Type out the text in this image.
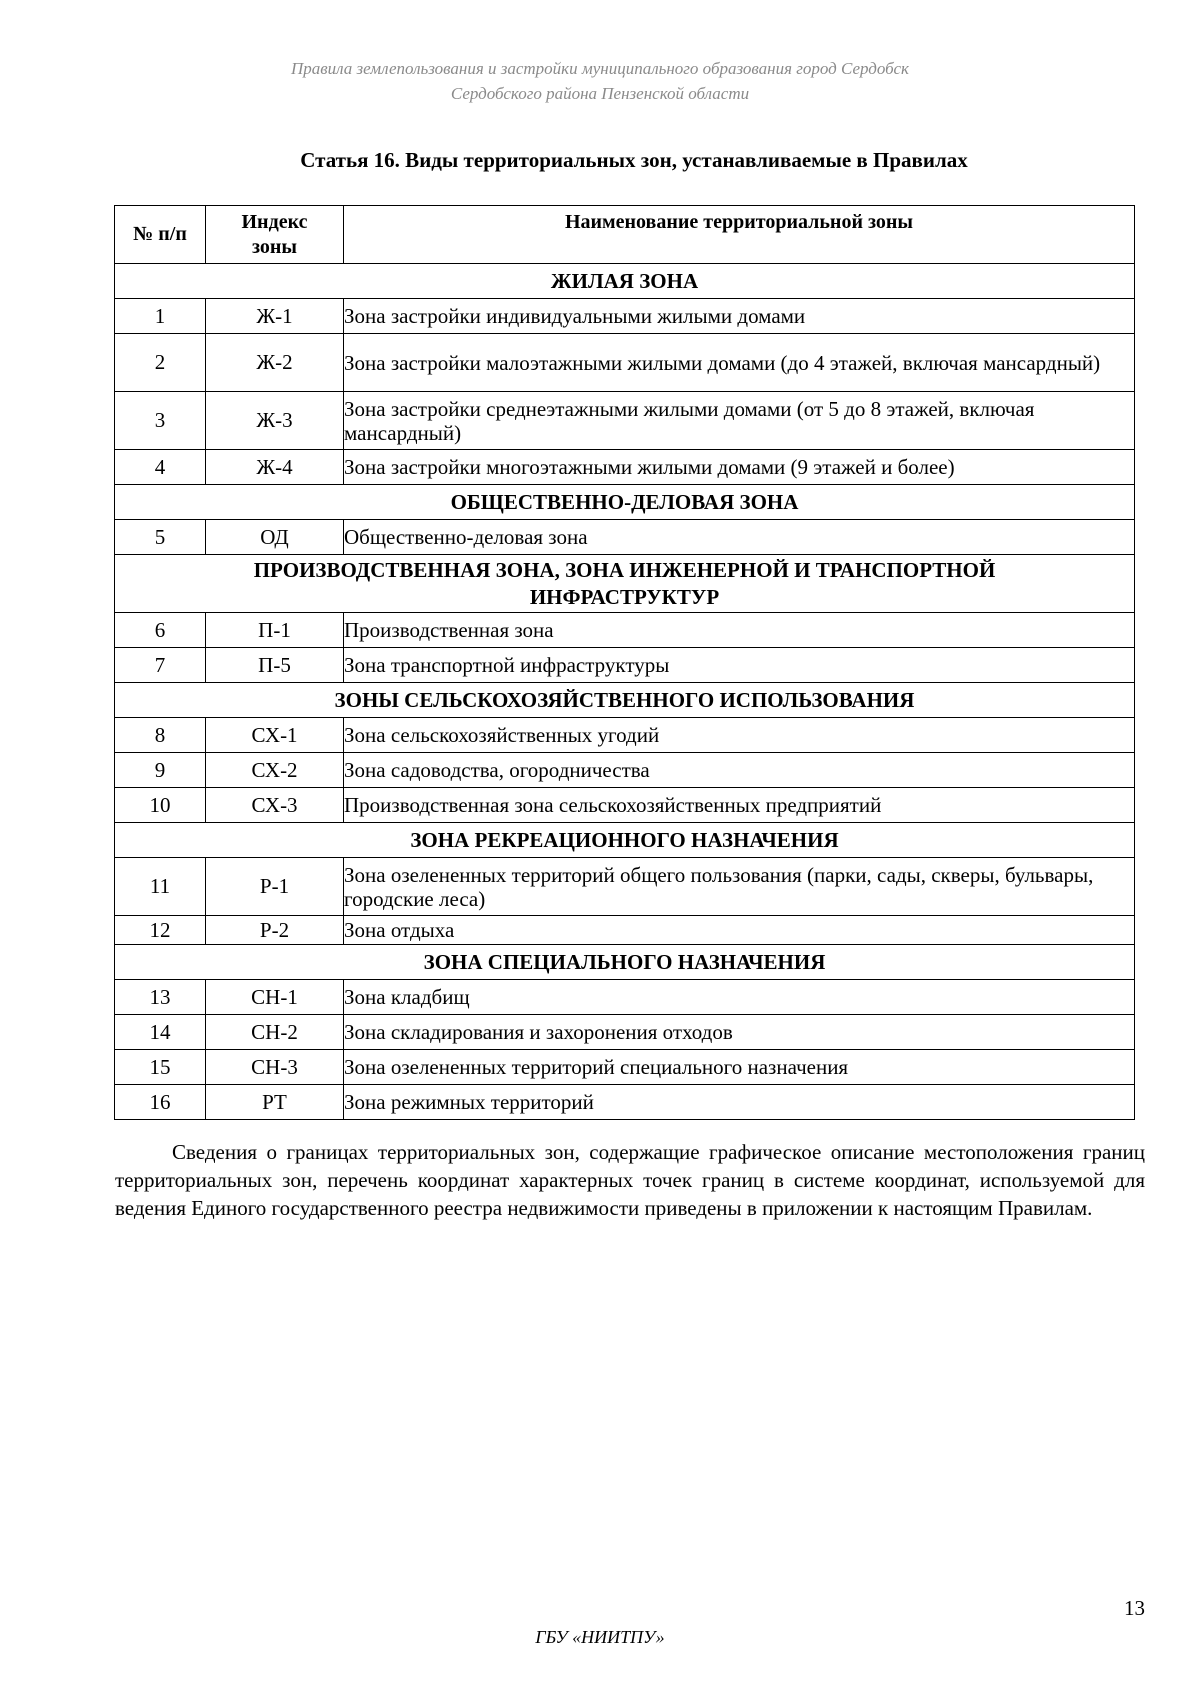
Правила землепользования и застройки муниципального образования город Сердобск
Сердобского района Пензенской области
Статья 16. Виды территориальных зон, устанавливаемые в Правилах
№ п/п	Индекс зоны	Наименование территориальной зоны
ЖИЛАЯ ЗОНА		
1	Ж-1	Зона застройки индивидуальными жилыми домами
2	Ж-2	Зона застройки малоэтажными жилыми домами (до 4 этажей, включая мансардный)
3	Ж-3	Зона застройки среднеэтажными жилыми домами (от 5 до 8 этажей, включая мансардный)
4	Ж-4	Зона застройки многоэтажными жилыми домами (9 этажей и более)
ОБЩЕСТВЕННО-ДЕЛОВАЯ ЗОНА		
5	ОД	Общественно-деловая зона
ПРОИЗВОДСТВЕННАЯ ЗОНА, ЗОНА ИНЖЕНЕРНОЙ И ТРАНСПОРТНОЙ ИНФРАСТРУКТУР		
6	П-1	Производственная зона
7	П-5	Зона транспортной инфраструктуры
ЗОНЫ СЕЛЬСКОХОЗЯЙСТВЕННОГО ИСПОЛЬЗОВАНИЯ		
8	СХ-1	Зона сельскохозяйственных угодий
9	СХ-2	Зона садоводства, огородничества
10	СХ-3	Производственная зона сельскохозяйственных предприятий
ЗОНА РЕКРЕАЦИОННОГО НАЗНАЧЕНИЯ		
11	Р-1	Зона озелененных территорий общего пользования (парки, сады, скверы, бульвары, городские леса)
12	Р-2	Зона отдыха
ЗОНА СПЕЦИАЛЬНОГО НАЗНАЧЕНИЯ		
13	СН-1	Зона кладбищ
14	СН-2	Зона складирования и захоронения отходов
15	СН-3	Зона озелененных территорий специального назначения
16	РТ	Зона режимных территорий
Сведения о границах территориальных зон, содержащие графическое описание местоположения границ территориальных зон, перечень координат характерных точек границ в системе координат, используемой для ведения Единого государственного реестра недвижимости приведены в приложении к настоящим Правилам.
13
ГБУ «НИИТПУ»
